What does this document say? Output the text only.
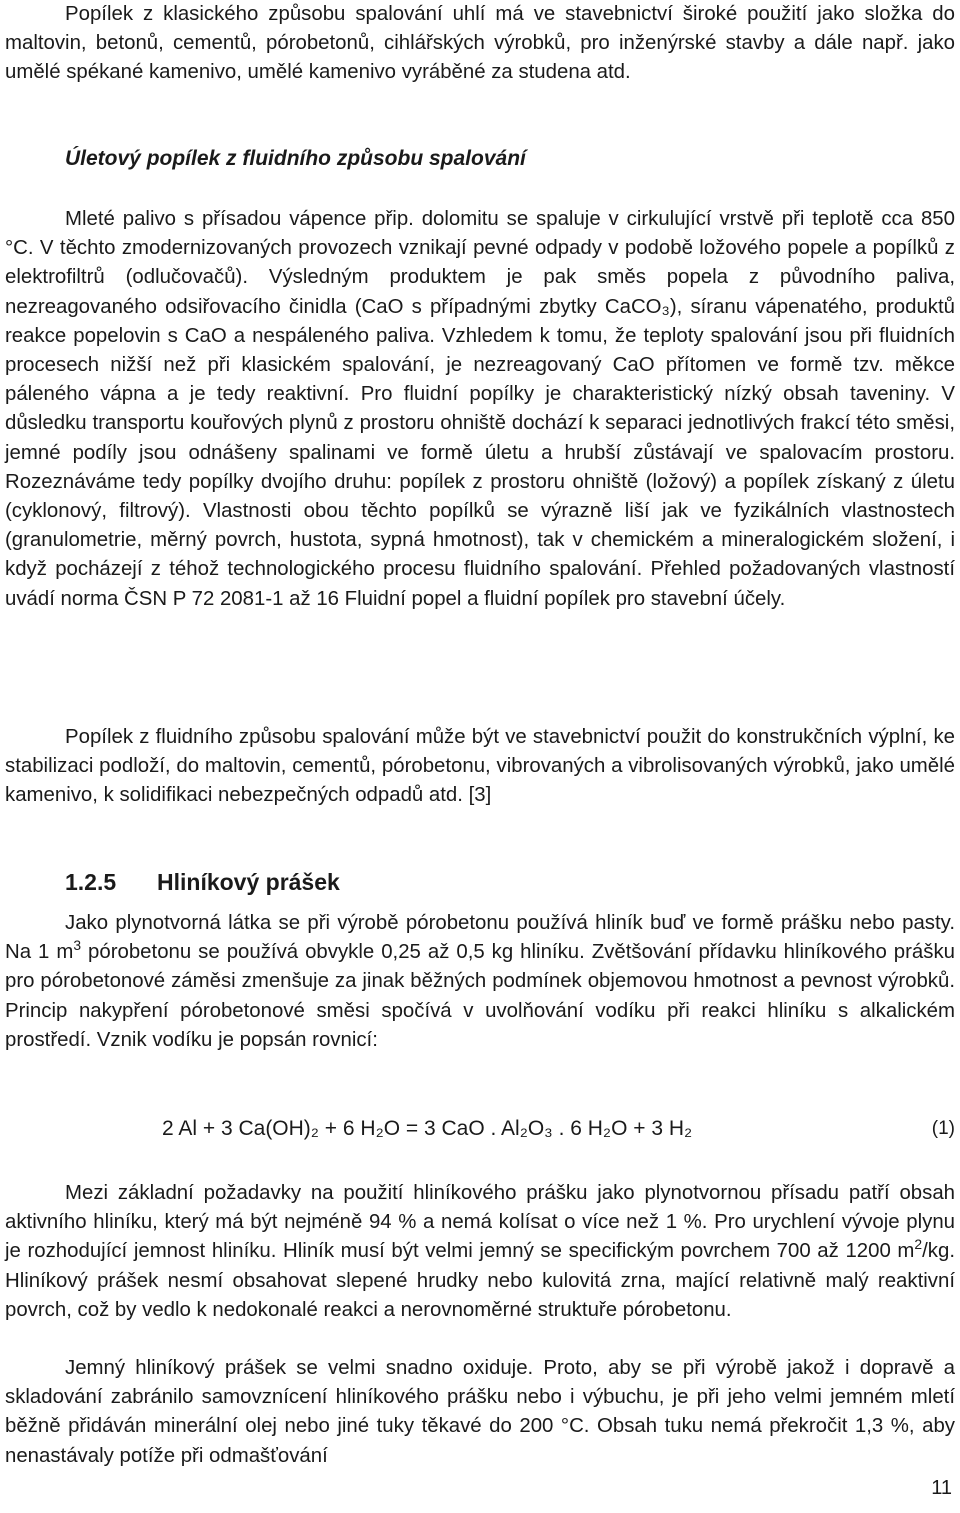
Popílek z klasického způsobu spalování uhlí má ve stavebnictví široké použití jako složka do maltovin, betonů, cementů, pórobetonů, cihlářských výrobků, pro inženýrské stavby a dále např. jako umělé spékané kamenivo, umělé kamenivo vyráběné za studena atd.

Úletový popílek z fluidního způsobu spalování

Mleté palivo s přísadou vápence přip. dolomitu se spaluje v cirkulující vrstvě při teplotě cca 850 °C. V těchto zmodernizovaných provozech vznikají pevné odpady v podobě ložového popele a popílků z elektrofiltrů (odlučovačů). Výsledným produktem je pak směs popela z původního paliva, nezreagovaného odsiřovacího činidla (CaO s případnými zbytky CaCO₃), síranu vápenatého, produktů reakce popelovin s CaO a nespáleného paliva. Vzhledem k tomu, že teploty spalování jsou při fluidních procesech nižší než při klasickém spalování, je nezreagovaný CaO přítomen ve formě tzv. měkce páleného vápna a je tedy reaktivní. Pro fluidní popílky je charakteristický nízký obsah taveniny. V důsledku transportu kouřových plynů z prostoru ohniště dochází k separaci jednotlivých frakcí této směsi, jemné podíly jsou odnášeny spalinami ve formě úletu a hrubší zůstávají ve spalovacím prostoru. Rozeznáváme tedy popílky dvojího druhu: popílek z prostoru ohniště (ložový) a popílek získaný z úletu (cyklonový, filtrový). Vlastnosti obou těchto popílků se výrazně liší jak ve fyzikálních vlastnostech (granulometrie, měrný povrch, hustota, sypná hmotnost), tak v chemickém a mineralogickém složení, i když pocházejí z téhož technologického procesu fluidního spalování. Přehled požadovaných vlastností uvádí norma ČSN P 72 2081-1 až 16 Fluidní popel a fluidní popílek pro stavební účely.

Popílek z fluidního způsobu spalování může být ve stavebnictví použit do konstrukčních výplní, ke stabilizaci podloží, do maltovin, cementů, pórobetonu, vibrovaných a vibrolisovaných výrobků, jako umělé kamenivo, k solidifikaci nebezpečných odpadů atd. [3]

1.2.5 Hliníkový prášek

Jako plynotvorná látka se při výrobě pórobetonu používá hliník buď ve formě prášku nebo pasty. Na 1 $m^3$ pórobetonu se používá obvykle 0,25 až 0,5 kg hliníku. Zvětšování přídavku hliníkového prášku pro pórobetonové záměsi zmenšuje za jinak běžných podmínek objemovou hmotnost a pevnost výrobků. Princip nakypření pórobetonové směsi spočívá v uvolňování vodíku při reakci hliníku s alkalickém prostředí. Vznik vodíku je popsán rovnicí:

2 Al + 3 Ca(OH)₂ + 6 H₂O = 3 CaO . Al₂O₃ . 6 H₂O + 3 H₂	(1)

Mezi základní požadavky na použití hliníkového prášku jako plynotvornou přísadu patří obsah aktivního hliníku, který má být nejméně 94 % a nemá kolísat o více než 1 %. Pro urychlení vývoje plynu je rozhodující jemnost hliníku. Hliník musí být velmi jemný se specifickým povrchem 700 až 1200 $m^2/kg$. Hliníkový prášek nesmí obsahovat slepené hrudky nebo kulovitá zrna, mající relativně malý reaktivní povrch, což by vedlo k nedokonalé reakci a nerovnoměrné struktuře pórobetonu.

Jemný hliníkový prášek se velmi snadno oxiduje. Proto, aby se při výrobě jakož i dopravě a skladování zabránilo samovznícení hliníkového prášku nebo i výbuchu, je při jeho velmi jemném mletí běžně přidáván minerální olej nebo jiné tuky těkavé do 200 °C. Obsah tuku nemá překročit 1,3 %, aby nenastávaly potíže při odmašťování

11
